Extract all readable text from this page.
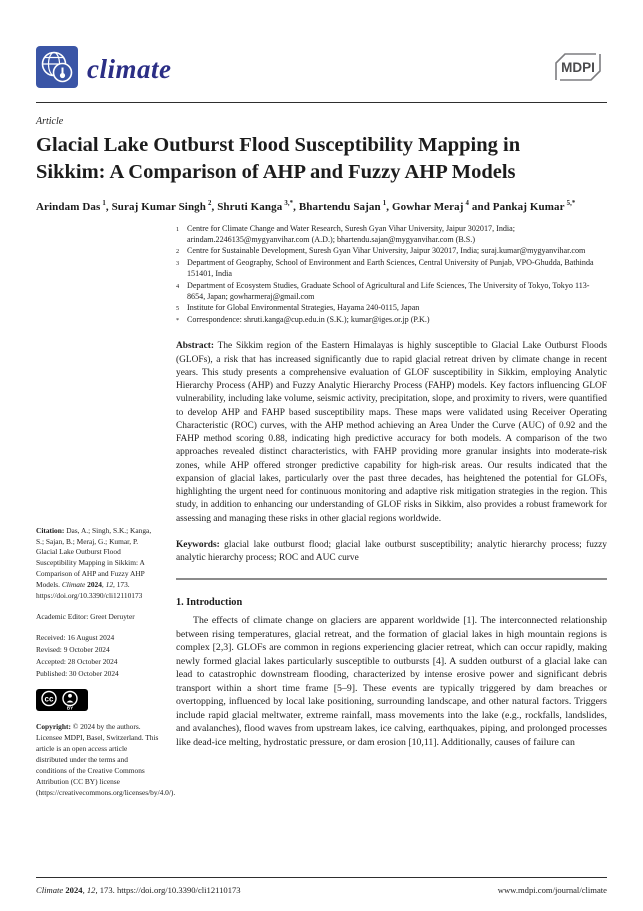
climate	MDPI
Article
Glacial Lake Outburst Flood Susceptibility Mapping in Sikkim: A Comparison of AHP and Fuzzy AHP Models
Arindam Das $^1$, Suraj Kumar Singh $^2$, Shruti Kanga $^{3,*}$, Bhartendu Sajan $^1$, Gowhar Meraj $^4$ and Pankaj Kumar $^{5,*}$
Citation: Das, A.; Singh, S.K.; Kanga, S.; Sajan, B.; Meraj, G.; Kumar, P. Glacial Lake Outburst Flood Susceptibility Mapping in Sikkim: A Comparison of AHP and Fuzzy AHP Models. Climate 2024, 12, 173. https://doi.org/10.3390/cli12110173
Academic Editor: Greet Deruyter
Received: 16 August 2024
Revised: 9 October 2024
Accepted: 28 October 2024
Published: 30 October 2024
cc
BY
Copyright: © 2024 by the authors. Licensee MDPI, Basel, Switzerland. This article is an open access article distributed under the terms and conditions of the Creative Commons Attribution (CC BY) license (https://creativecommons.org/licenses/by/4.0/).
1 Centre for Climate Change and Water Research, Suresh Gyan Vihar University, Jaipur 302017, India; arindam.2246135@mygyanvihar.com (A.D.); bhartendu.sajan@mygyanvihar.com (B.S.)
2 Centre for Sustainable Development, Suresh Gyan Vihar University, Jaipur 302017, India; suraj.kumar@mygyanvihar.com
3 Department of Geography, School of Environment and Earth Sciences, Central University of Punjab, VPO-Ghudda, Bathinda 151401, India
4 Department of Ecosystem Studies, Graduate School of Agricultural and Life Sciences, The University of Tokyo, Tokyo 113-8654, Japan; gowharmeraj@gmail.com
5 Institute for Global Environmental Strategies, Hayama 240-0115, Japan
* Correspondence: shruti.kanga@cup.edu.in (S.K.); kumar@iges.or.jp (P.K.)
Abstract: The Sikkim region of the Eastern Himalayas is highly susceptible to Glacial Lake Outburst Floods (GLOFs), a risk that has increased significantly due to rapid glacial retreat driven by climate change in recent years. This study presents a comprehensive evaluation of GLOF susceptibility in Sikkim, employing Analytic Hierarchy Process (AHP) and Fuzzy Analytic Hierarchy Process (FAHP) models. Key factors influencing GLOF vulnerability, including lake volume, seismic activity, precipitation, slope, and proximity to rivers, were quantified to develop AHP and FAHP based susceptibility maps. These maps were validated using Receiver Operating Characteristic (ROC) curves, with the AHP method achieving an Area Under the Curve (AUC) of 0.92 and the FAHP method scoring 0.88, indicating high predictive accuracy for both models. A comparison of the two approaches revealed distinct characteristics, with FAHP providing more granular insights into moderate-risk zones, while AHP offered stronger predictive capability for high-risk areas. Our results indicated that the expansion of glacial lakes, particularly over the past three decades, has heightened the potential for GLOFs, highlighting the urgent need for continuous monitoring and adaptive risk mitigation strategies in the region. This study, in addition to enhancing our understanding of GLOF risks in Sikkim, also provides a robust framework for assessing and managing these risks in other glacial regions worldwide.
Keywords: glacial lake outburst flood; glacial lake outburst susceptibility; analytic hierarchy process; fuzzy analytic hierarchy process; ROC and AUC curve
1. Introduction
The effects of climate change on glaciers are apparent worldwide [1]. The interconnected relationship between rising temperatures, glacial retreat, and the formation of glacial lakes in high mountain regions is complex [2,3]. GLOFs are common in regions experiencing glacier retreat, which can occur rapidly, making newly formed glacial lakes particularly susceptible to outbursts [4]. A sudden outburst of a glacial lake can lead to catastrophic downstream flooding, characterized by intense erosive power and significant debris transport within a short time frame [5–9]. These events are typically triggered by dam breaches or overtopping, influenced by local lake positioning, surrounding landscape, and other natural factors. Triggers include rapid glacial meltwater, extreme rainfall, mass movements into the lake (e.g., rockfalls, landslides, and avalanches), flood waves from upstream lakes, ice calving, earthquakes, piping, and prolonged processes like dead-ice melting, hydrostatic pressure, or dam erosion [10,11]. Additionally, causes of failure can
Climate 2024, 12, 173. https://doi.org/10.3390/cli12110173	www.mdpi.com/journal/climate
